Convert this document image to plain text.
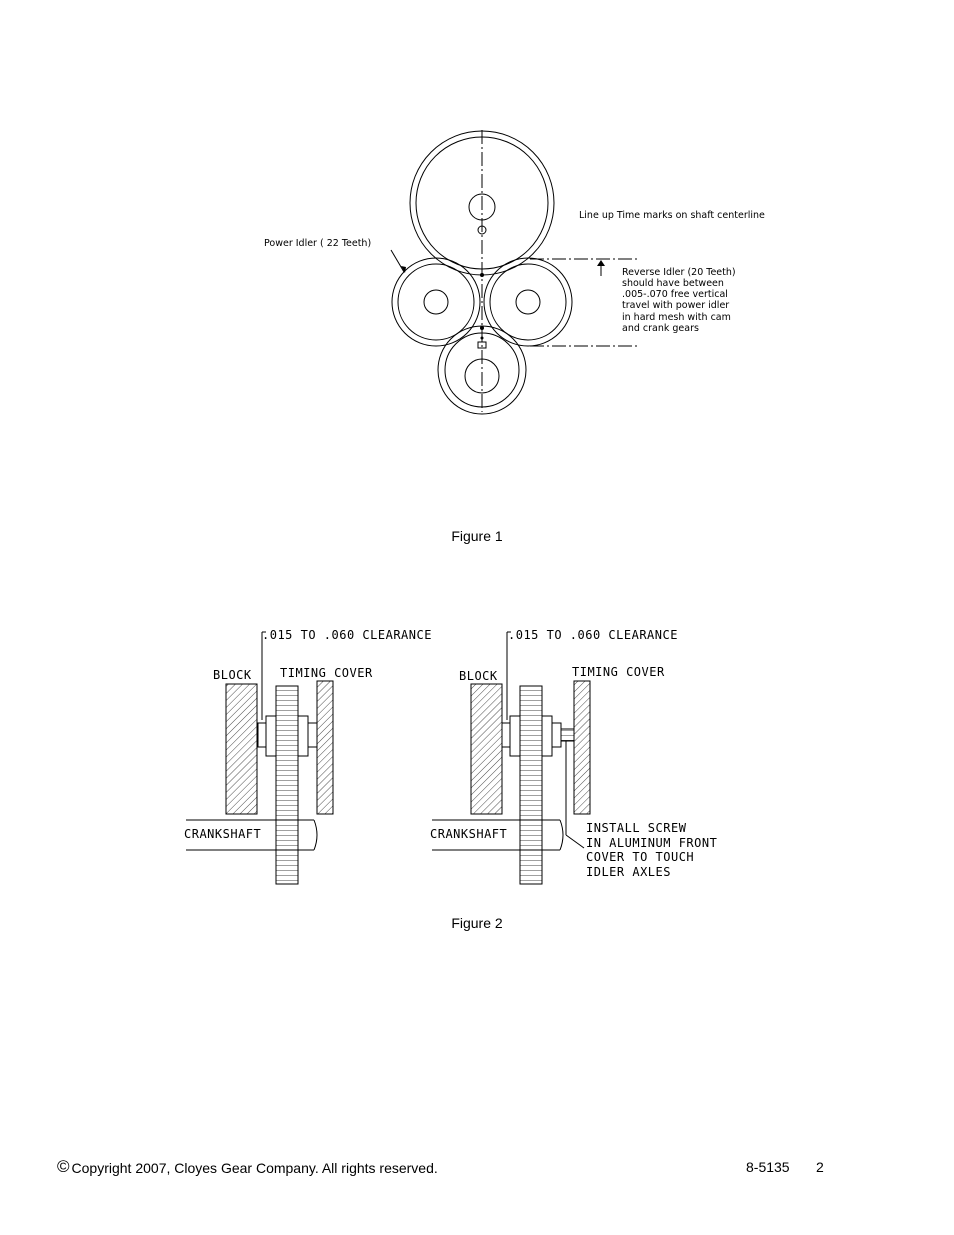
Power Idler ( 22 Teeth)
Line up Time marks on shaft centerline
Reverse Idler (20 Teeth)
should have between
.005-.070 free vertical
travel with power idler
in hard mesh with cam
and crank gears
Figure 1
.015 TO .060 CLEARANCE
BLOCK TIMING COVER
CRANKSHAFT
.015 TO .060 CLEARANCE
BLOCK	TIMING COVER
CRANKSHAFT	INSTALL SCREW
IN ALUMINUM FRONT
COVER TO TOUCH
IDLER AXLES
Figure 2
© Copyright 2007, Cloyes Gear Company. All rights reserved.	8-5135 2
